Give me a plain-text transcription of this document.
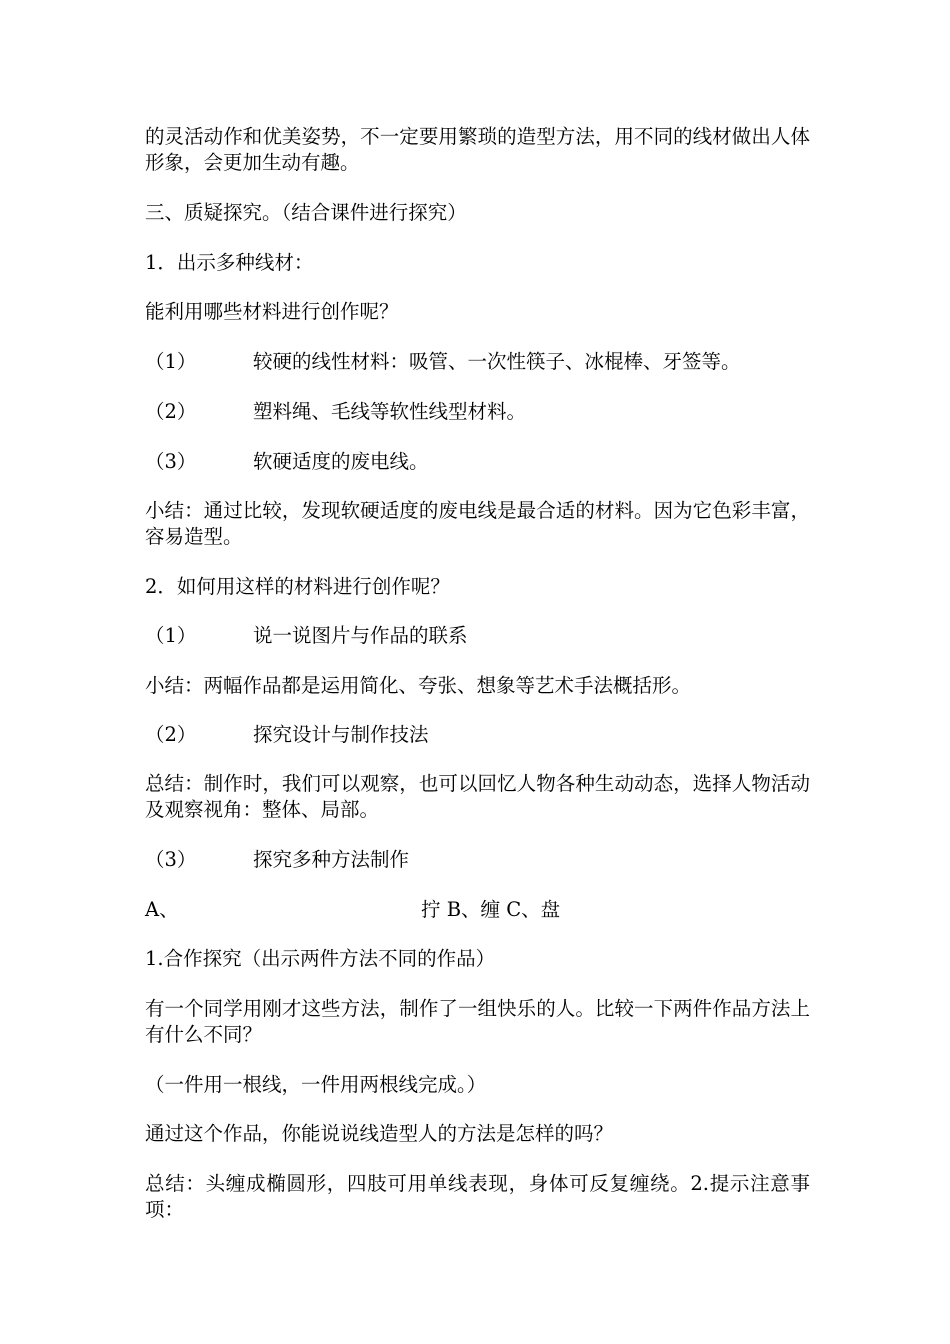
的灵活动作和优美姿势，不一定要用繁琐的造型方法，用不同的线材做出人体形象，会更加生动有趣。

三、质疑探究。（结合课件进行探究）

1．出示多种线材：

能利用哪些材料进行创作呢？

（1）	较硬的线性材料：吸管、一次性筷子、冰棍棒、牙签等。

（2）	塑料绳、毛线等软性线型材料。

（3）	软硬适度的废电线。

小结：通过比较，发现软硬适度的废电线是最合适的材料。因为它色彩丰富，容易造型。

2．如何用这样的材料进行创作呢？

（1）	说一说图片与作品的联系

小结：两幅作品都是运用简化、夸张、想象等艺术手法概括形。

（2）	探究设计与制作技法

总结：制作时，我们可以观察，也可以回忆人物各种生动动态，选择人物活动及观察视角：整体、局部。

（3）	探究多种方法制作

A、	拧 B、缠 C、盘

1.合作探究（出示两件方法不同的作品）

有一个同学用刚才这些方法，制作了一组快乐的人。比较一下两件作品方法上有什么不同？

（一件用一根线，一件用两根线完成。）

通过这个作品，你能说说线造型人的方法是怎样的吗？

总结：头缠成椭圆形，四肢可用单线表现，身体可反复缠绕。2.提示注意事项：
